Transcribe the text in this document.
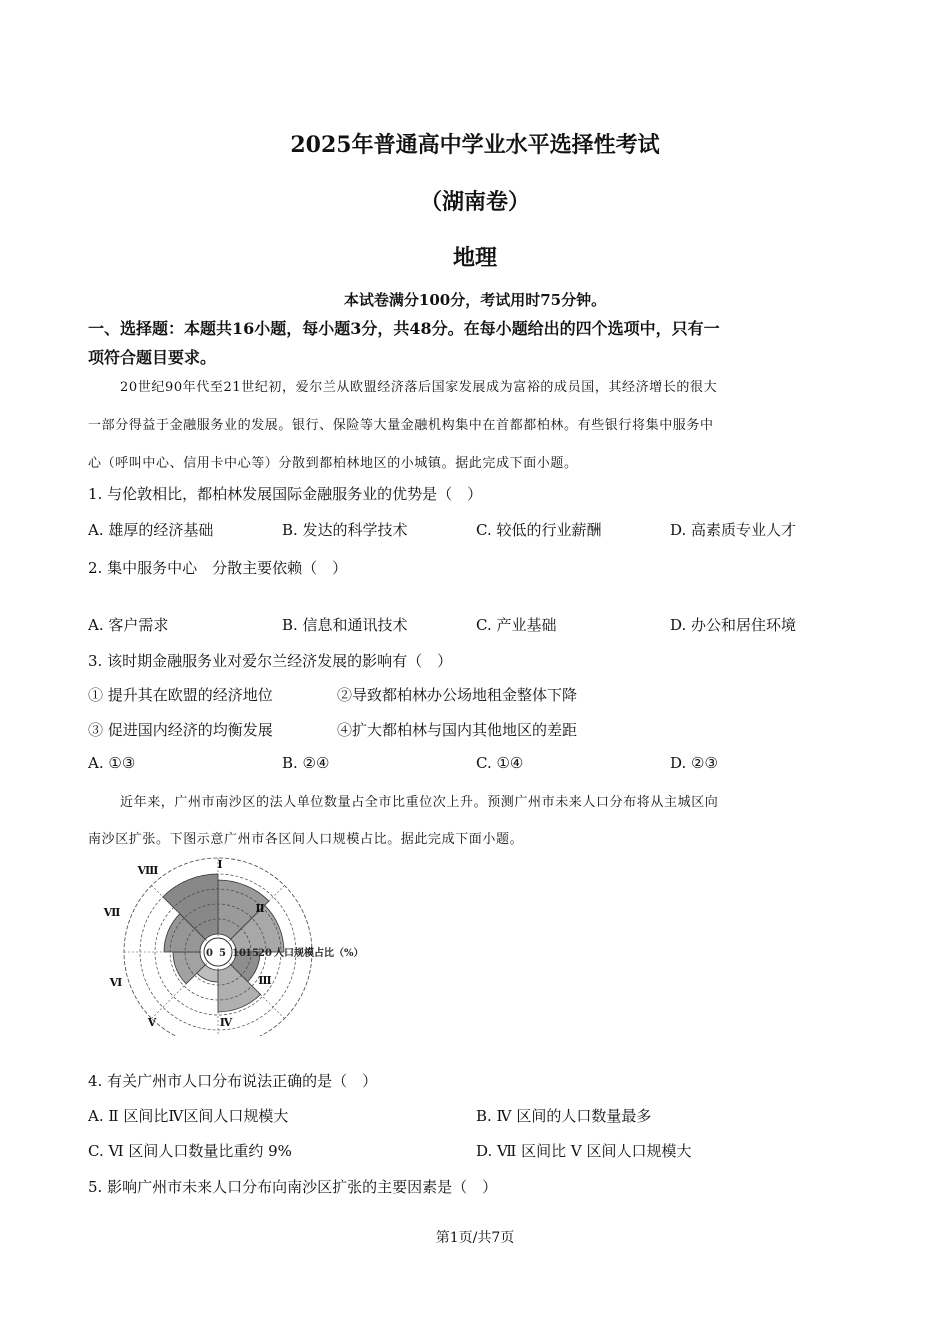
2025年普通高中学业水平选择性考试
（湖南卷）
地理
本试卷满分100分，考试用时75分钟。
一、选择题：本题共16小题，每小题3分，共48分。在每小题给出的四个选项中，只有一
项符合题目要求。
20世纪90年代至21世纪初，爱尔兰从欧盟经济落后国家发展成为富裕的成员国，其经济增长的很大
一部分得益于金融服务业的发展。银行、保险等大量金融机构集中在首都都柏林。有些银行将集中服务中
心（呼叫中心、信用卡中心等）分散到都柏林地区的小城镇。据此完成下面小题。
1. 与伦敦相比，都柏林发展国际金融服务业的优势是（　）
A. 雄厚的经济基础	B. 发达的科学技术	C. 较低的行业薪酬	D. 高素质专业人才
2. 集中服务中心　分散主要依赖（　）
A. 客户需求	B. 信息和通讯技术	C. 产业基础	D. 办公和居住环境
3. 该时期金融服务业对爱尔兰经济发展的影响有（　）
① 提升其在欧盟的经济地位	②导致都柏林办公场地租金整体下降
③ 促进国内经济的均衡发展	④扩大都柏林与国内其他地区的差距
A. ①③	B. ②④	C. ①④	D. ②③
近年来，广州市南沙区的法人单位数量占全市比重位次上升。预测广州市未来人口分布将从主城区向
南沙区扩张。下图示意广州市各区间人口规模占比。据此完成下面小题。
0 5 10 15 20 人口规模占比（%）
Ⅰ
Ⅱ
Ⅲ
Ⅳ
Ⅴ
Ⅵ
Ⅶ
Ⅷ
4. 有关广州市人口分布说法正确的是（　）
A. Ⅱ 区间比Ⅳ区间人口规模大	B. Ⅳ 区间的人口数量最多
C. Ⅵ 区间人口数量比重约 9%	D. Ⅶ 区间比 Ⅴ 区间人口规模大
5. 影响广州市未来人口分布向南沙区扩张的主要因素是（　）
第1页/共7页
